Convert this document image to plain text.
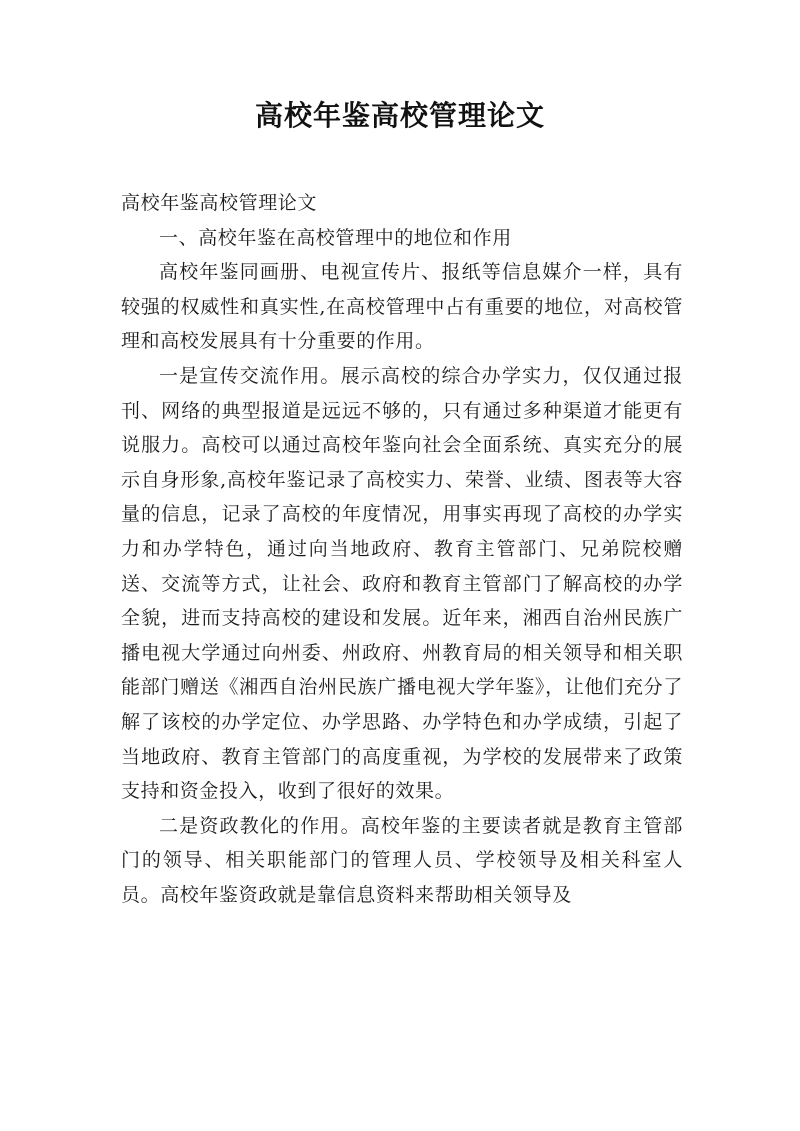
高校年鉴高校管理论文

高校年鉴高校管理论文

一、高校年鉴在高校管理中的地位和作用

高校年鉴同画册、电视宣传片、报纸等信息媒介一样，具有较强的权威性和真实性,在高校管理中占有重要的地位，对高校管理和高校发展具有十分重要的作用。

一是宣传交流作用。展示高校的综合办学实力，仅仅通过报刊、网络的典型报道是远远不够的，只有通过多种渠道才能更有说服力。高校可以通过高校年鉴向社会全面系统、真实充分的展示自身形象,高校年鉴记录了高校实力、荣誉、业绩、图表等大容量的信息，记录了高校的年度情况，用事实再现了高校的办学实力和办学特色，通过向当地政府、教育主管部门、兄弟院校赠送、交流等方式，让社会、政府和教育主管部门了解高校的办学全貌，进而支持高校的建设和发展。近年来，湘西自治州民族广播电视大学通过向州委、州政府、州教育局的相关领导和相关职能部门赠送《湘西自治州民族广播电视大学年鉴》，让他们充分了解了该校的办学定位、办学思路、办学特色和办学成绩，引起了当地政府、教育主管部门的高度重视，为学校的发展带来了政策支持和资金投入，收到了很好的效果。

二是资政教化的作用。高校年鉴的主要读者就是教育主管部门的领导、相关职能部门的管理人员、学校领导及相关科室人员。高校年鉴资政就是靠信息资料来帮助相关领导及
